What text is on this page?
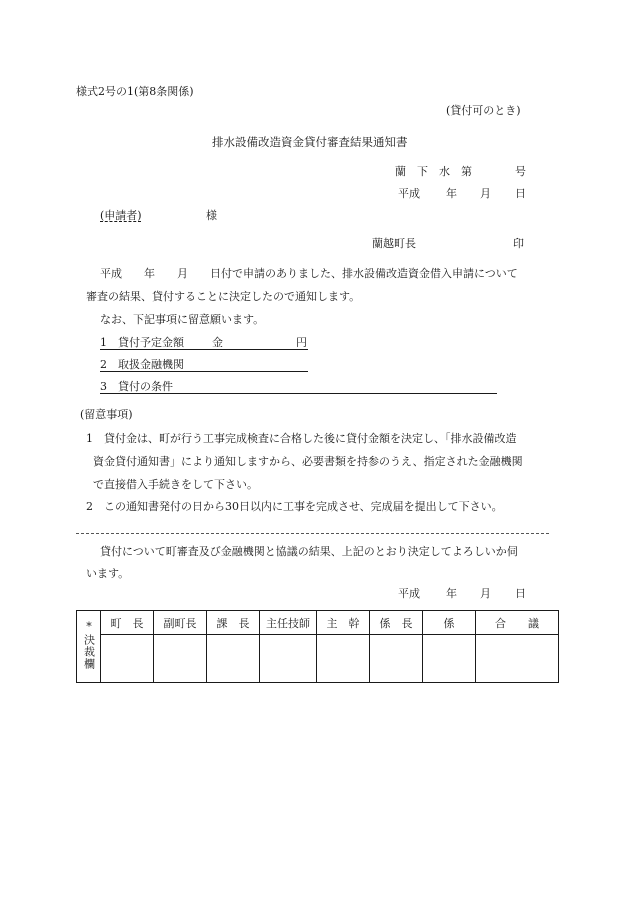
様式2号の1(第8条関係)
(貸付可のとき)
排水設備改造資金貸付審査結果通知書
蘭　下　水　第	号
平成 年 月 日
(申請者)	様
蘭越町長	印
平成　　年　　月　　日付で申請のありました、排水設備改造資金借入申請について
審査の結果、貸付することに決定したので通知します。
なお、下記事項に留意願います。
1　貸付予定金額	金	円
2　取扱金融機関
3　貸付の条件
(留意事項)
1　貸付金は、町が行う工事完成検査に合格した後に貸付金額を決定し、「排水設備改造
資金貸付通知書」により通知しますから、必要書類を持参のうえ、指定された金融機関
で直接借入手続きをして下さい。
2　この通知書発付の日から30日以内に工事を完成させ、完成届を提出して下さい。
貸付について町審査及び金融機関と協議の結果、上記のとおり決定してよろしいか伺
います。
平成 年 月 日
*決裁欄	町　長	副町長	課　長	主任技師	主　幹	係　長	係	合　　議
